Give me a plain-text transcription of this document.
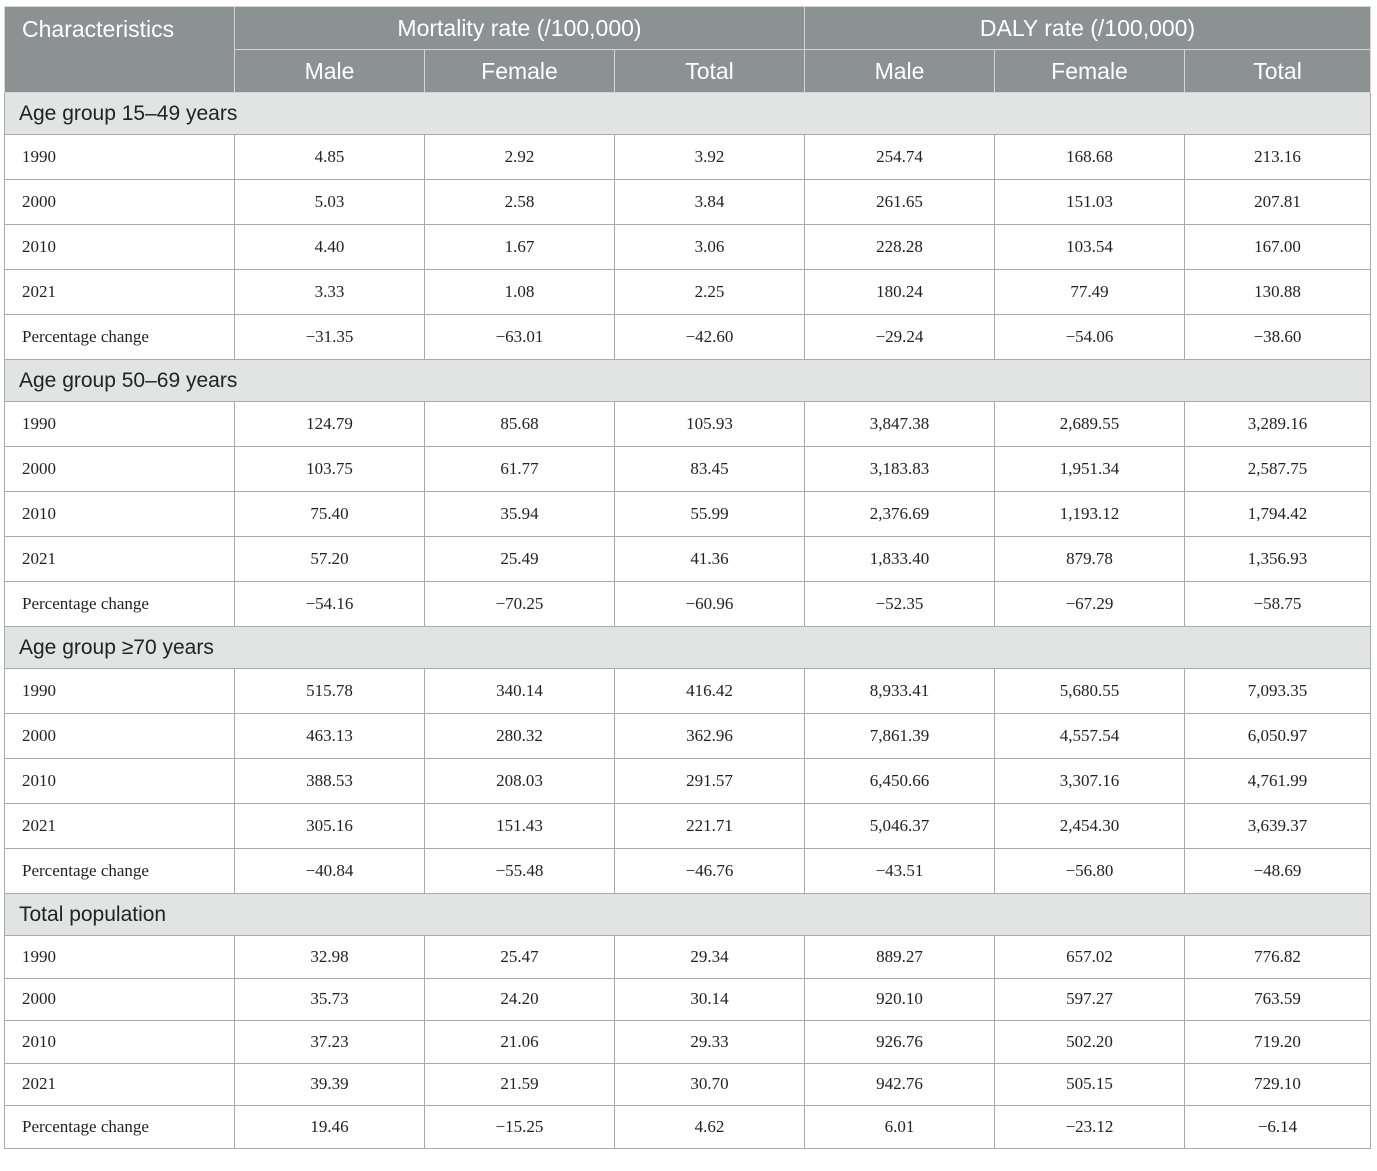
Characteristics	Mortality rate (/100,000)			DALY rate (/100,000)		
	Male	Female	Total	Male	Female	Total
Age group 15–49 years						
1990	4.85	2.92	3.92	254.74	168.68	213.16
2000	5.03	2.58	3.84	261.65	151.03	207.81
2010	4.40	1.67	3.06	228.28	103.54	167.00
2021	3.33	1.08	2.25	180.24	77.49	130.88
Percentage change	−31.35	−63.01	−42.60	−29.24	−54.06	−38.60
Age group 50–69 years						
1990	124.79	85.68	105.93	3,847.38	2,689.55	3,289.16
2000	103.75	61.77	83.45	3,183.83	1,951.34	2,587.75
2010	75.40	35.94	55.99	2,376.69	1,193.12	1,794.42
2021	57.20	25.49	41.36	1,833.40	879.78	1,356.93
Percentage change	−54.16	−70.25	−60.96	−52.35	−67.29	−58.75
Age group ≥70 years						
1990	515.78	340.14	416.42	8,933.41	5,680.55	7,093.35
2000	463.13	280.32	362.96	7,861.39	4,557.54	6,050.97
2010	388.53	208.03	291.57	6,450.66	3,307.16	4,761.99
2021	305.16	151.43	221.71	5,046.37	2,454.30	3,639.37
Percentage change	−40.84	−55.48	−46.76	−43.51	−56.80	−48.69
Total population						
1990	32.98	25.47	29.34	889.27	657.02	776.82
2000	35.73	24.20	30.14	920.10	597.27	763.59
2010	37.23	21.06	29.33	926.76	502.20	719.20
2021	39.39	21.59	30.70	942.76	505.15	729.10
Percentage change	19.46	−15.25	4.62	6.01	−23.12	−6.14
